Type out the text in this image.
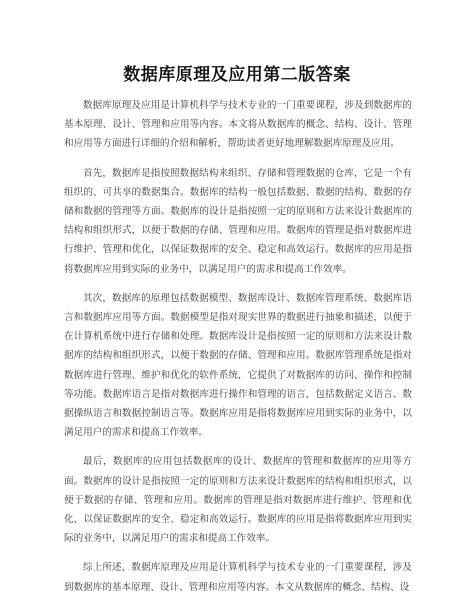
数据库原理及应用第二版答案

数据库原理及应用是计算机科学与技术专业的一门重要课程，涉及到数据库的基本原理、设计、管理和应用等内容。本文将从数据库的概念、结构、设计、管理和应用等方面进行详细的介绍和解析，帮助读者更好地理解数据库原理及应用。

首先，数据库是指按照数据结构来组织、存储和管理数据的仓库，它是一个有组织的、可共享的数据集合。数据库的结构一般包括数据、数据的结构、数据的存储和数据的管理等方面。数据库的设计是指按照一定的原则和方法来设计数据库的结构和组织形式，以便于数据的存储、管理和应用。数据库的管理是指对数据库进行维护、管理和优化，以保证数据库的安全、稳定和高效运行。数据库的应用是指将数据库应用到实际的业务中，以满足用户的需求和提高工作效率。

其次，数据库的原理包括数据模型、数据库设计、数据库管理系统、数据库语言和数据库应用等方面。数据模型是指对现实世界的数据进行抽象和描述，以便于在计算机系统中进行存储和处理。数据库设计是指按照一定的原则和方法来设计数据库的结构和组织形式，以便于数据的存储、管理和应用。数据库管理系统是指对数据库进行管理、维护和优化的软件系统，它提供了对数据库的访问、操作和控制等功能。数据库语言是指对数据库进行操作和管理的语言，包括数据定义语言、数据操纵语言和数据控制语言等。数据库应用是指将数据库应用到实际的业务中，以满足用户的需求和提高工作效率。

最后，数据库的应用包括数据库的设计、数据库的管理和数据库的应用等方面。数据库的设计是指按照一定的原则和方法来设计数据库的结构和组织形式，以便于数据的存储、管理和应用。数据库的管理是指对数据库进行维护、管理和优化，以保证数据库的安全、稳定和高效运行。数据库的应用是指将数据库应用到实际的业务中，以满足用户的需求和提高工作效率。

综上所述，数据库原理及应用是计算机科学与技术专业的一门重要课程，涉及到数据库的基本原理、设计、管理和应用等内容。本文从数据库的概念、结构、设
